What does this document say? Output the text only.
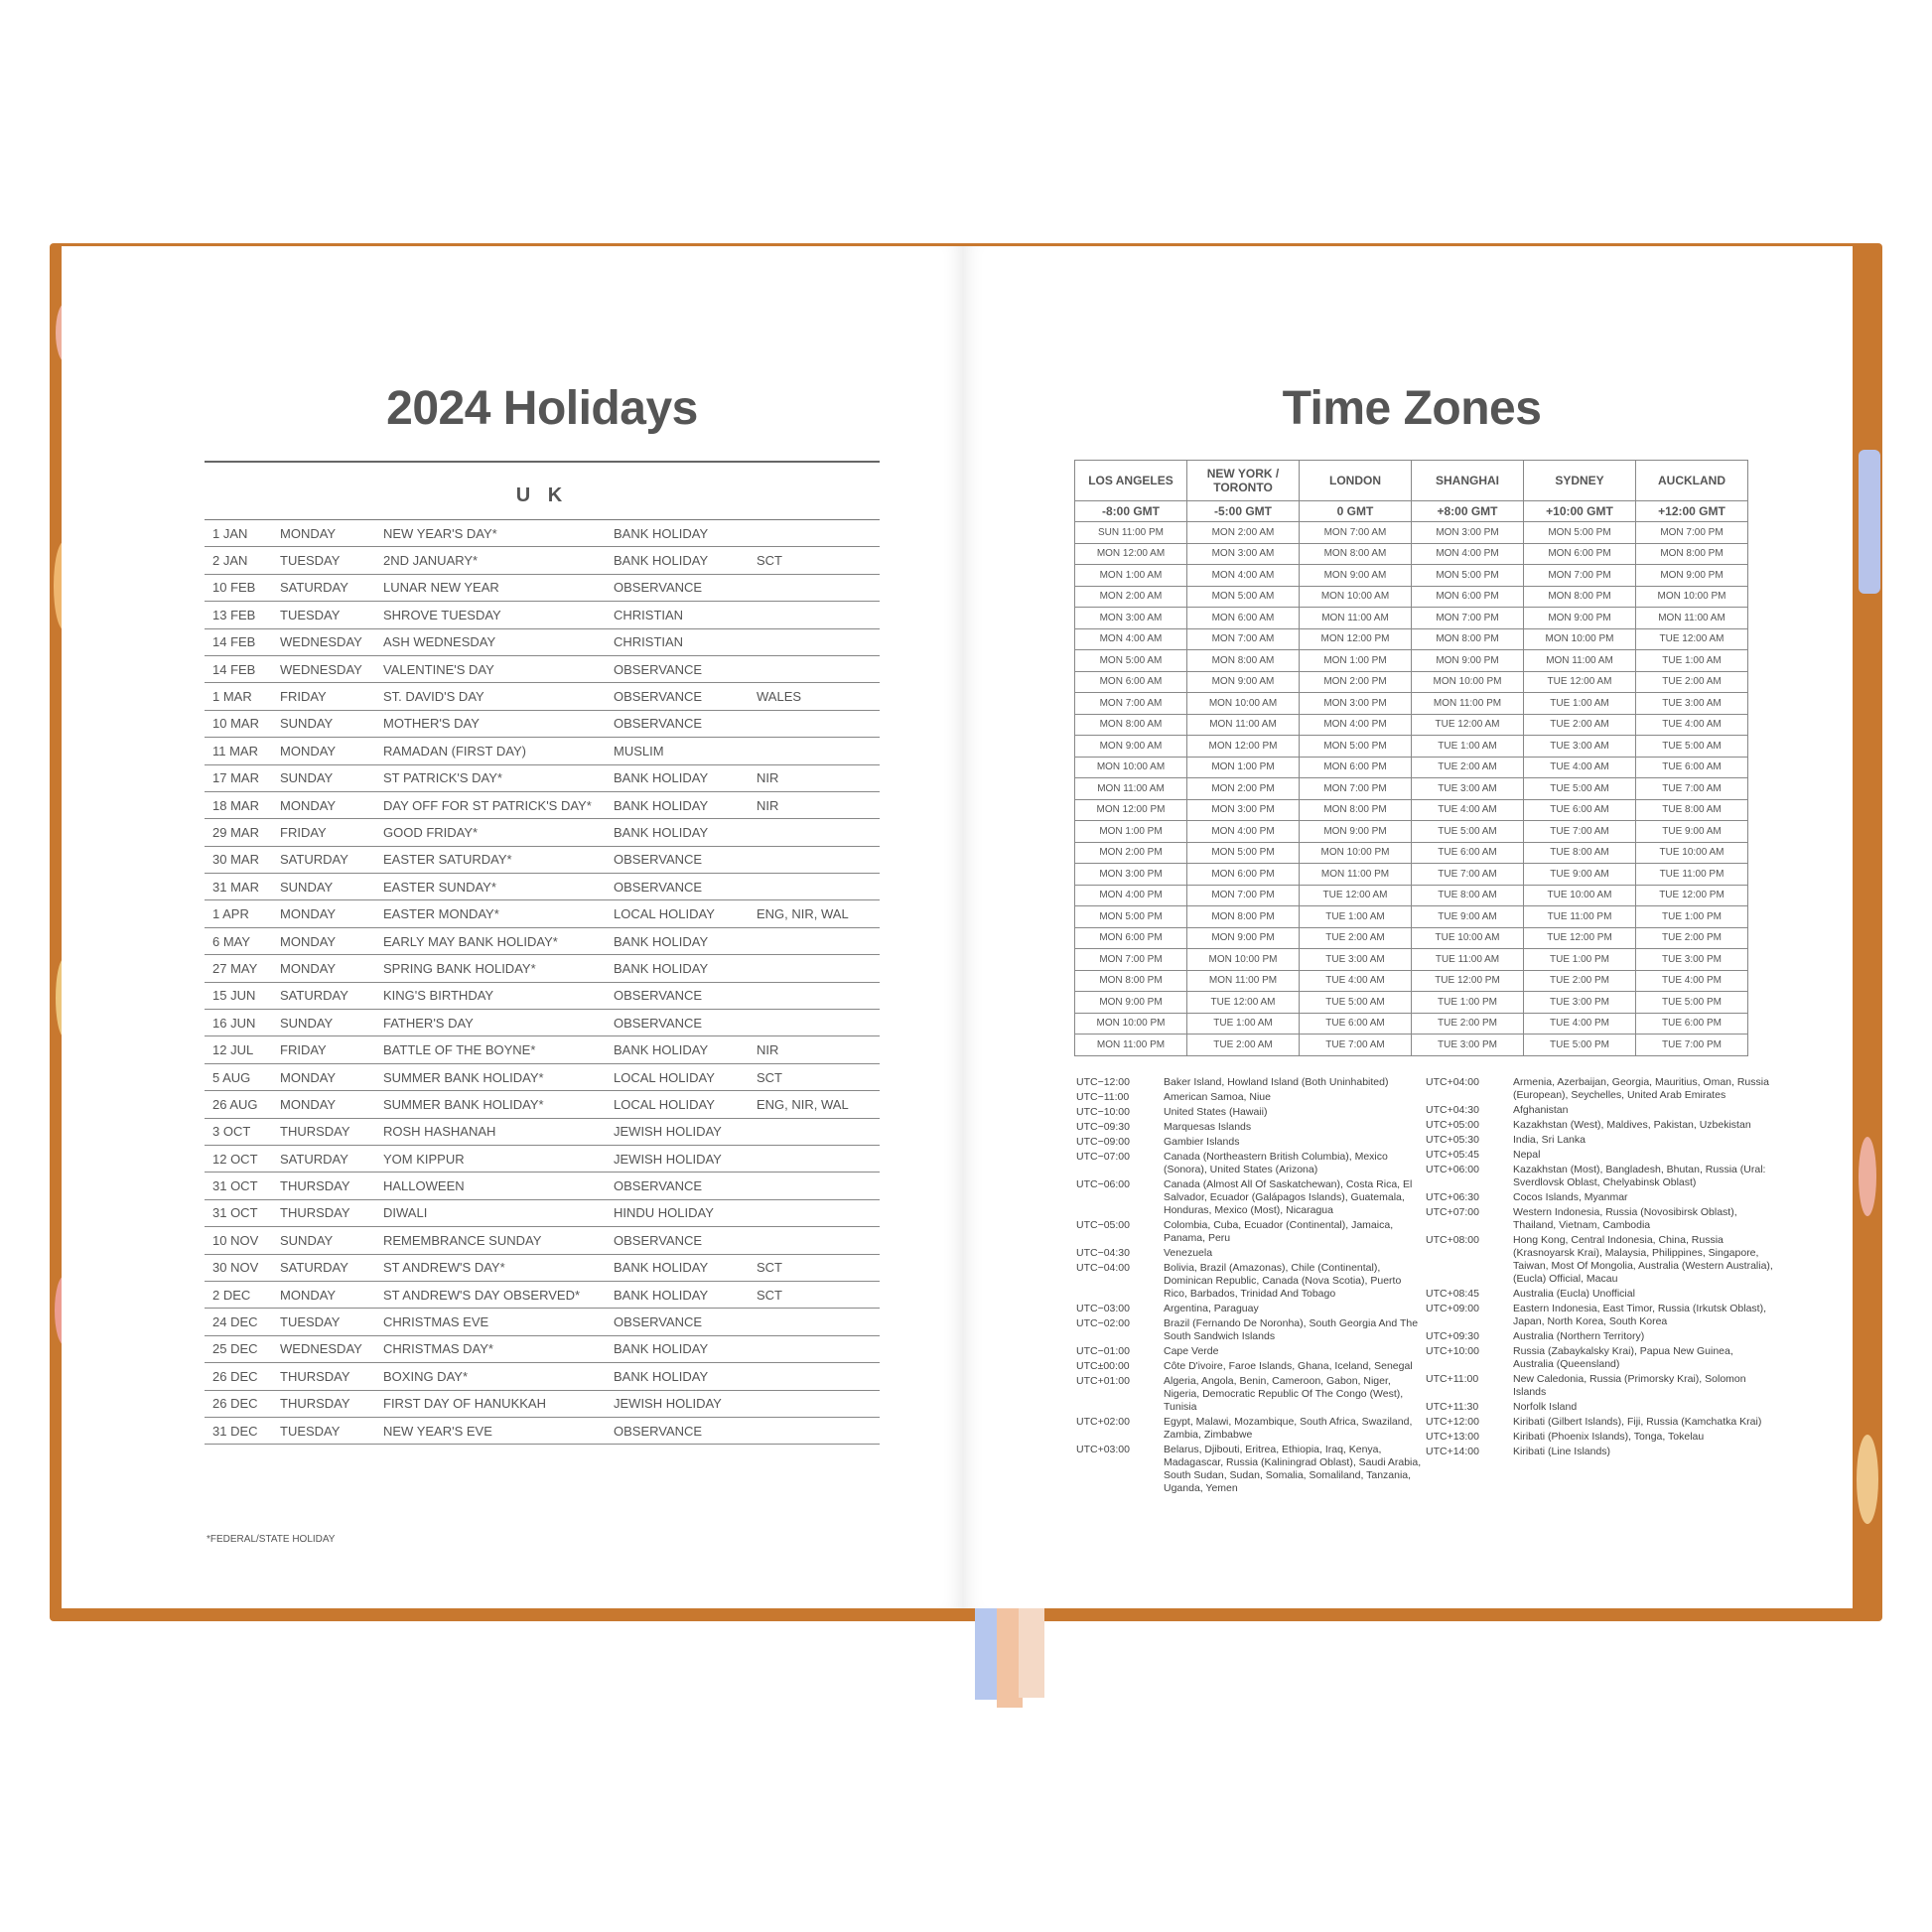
2024 Holidays
U K
1 JAN	MONDAY	NEW YEAR'S DAY*	BANK HOLIDAY
2 JAN	TUESDAY	2ND JANUARY*	BANK HOLIDAY	SCT
10 FEB	SATURDAY	LUNAR NEW YEAR	OBSERVANCE
13 FEB	TUESDAY	SHROVE TUESDAY	CHRISTIAN
14 FEB	WEDNESDAY	ASH WEDNESDAY	CHRISTIAN
14 FEB	WEDNESDAY	VALENTINE'S DAY	OBSERVANCE
1 MAR	FRIDAY	ST. DAVID'S DAY	OBSERVANCE	WALES
10 MAR	SUNDAY	MOTHER'S DAY	OBSERVANCE
11 MAR	MONDAY	RAMADAN (FIRST DAY)	MUSLIM
17 MAR	SUNDAY	ST PATRICK'S DAY*	BANK HOLIDAY	NIR
18 MAR	MONDAY	DAY OFF FOR ST PATRICK'S DAY*	BANK HOLIDAY	NIR
29 MAR	FRIDAY	GOOD FRIDAY*	BANK HOLIDAY
30 MAR	SATURDAY	EASTER SATURDAY*	OBSERVANCE
31 MAR	SUNDAY	EASTER SUNDAY*	OBSERVANCE
1 APR	MONDAY	EASTER MONDAY*	LOCAL HOLIDAY	ENG, NIR, WAL
6 MAY	MONDAY	EARLY MAY BANK HOLIDAY*	BANK HOLIDAY
27 MAY	MONDAY	SPRING BANK HOLIDAY*	BANK HOLIDAY
15 JUN	SATURDAY	KING'S BIRTHDAY	OBSERVANCE
16 JUN	SUNDAY	FATHER'S DAY	OBSERVANCE
12 JUL	FRIDAY	BATTLE OF THE BOYNE*	BANK HOLIDAY	NIR
5 AUG	MONDAY	SUMMER BANK HOLIDAY*	LOCAL HOLIDAY	SCT
26 AUG	MONDAY	SUMMER BANK HOLIDAY*	LOCAL HOLIDAY	ENG, NIR, WAL
3 OCT	THURSDAY	ROSH HASHANAH	JEWISH HOLIDAY
12 OCT	SATURDAY	YOM KIPPUR	JEWISH HOLIDAY
31 OCT	THURSDAY	HALLOWEEN	OBSERVANCE
31 OCT	THURSDAY	DIWALI	HINDU HOLIDAY
10 NOV	SUNDAY	REMEMBRANCE SUNDAY	OBSERVANCE
30 NOV	SATURDAY	ST ANDREW'S DAY*	BANK HOLIDAY	SCT
2 DEC	MONDAY	ST ANDREW'S DAY OBSERVED*	BANK HOLIDAY	SCT
24 DEC	TUESDAY	CHRISTMAS EVE	OBSERVANCE
25 DEC	WEDNESDAY	CHRISTMAS DAY*	BANK HOLIDAY
26 DEC	THURSDAY	BOXING DAY*	BANK HOLIDAY
26 DEC	THURSDAY	FIRST DAY OF HANUKKAH	JEWISH HOLIDAY
31 DEC	TUESDAY	NEW YEAR'S EVE	OBSERVANCE
*FEDERAL/STATE HOLIDAY
Time Zones
LOS ANGELES	NEW YORK / TORONTO	LONDON	SHANGHAI	SYDNEY	AUCKLAND
-8:00 GMT	-5:00 GMT	0 GMT	+8:00 GMT	+10:00 GMT	+12:00 GMT
SUN 11:00 PM	MON 2:00 AM	MON 7:00 AM	MON 3:00 PM	MON 5:00 PM	MON 7:00 PM
MON 12:00 AM	MON 3:00 AM	MON 8:00 AM	MON 4:00 PM	MON 6:00 PM	MON 8:00 PM
MON 1:00 AM	MON 4:00 AM	MON 9:00 AM	MON 5:00 PM	MON 7:00 PM	MON 9:00 PM
MON 2:00 AM	MON 5:00 AM	MON 10:00 AM	MON 6:00 PM	MON 8:00 PM	MON 10:00 PM
MON 3:00 AM	MON 6:00 AM	MON 11:00 AM	MON 7:00 PM	MON 9:00 PM	MON 11:00 AM
MON 4:00 AM	MON 7:00 AM	MON 12:00 PM	MON 8:00 PM	MON 10:00 PM	TUE 12:00 AM
MON 5:00 AM	MON 8:00 AM	MON 1:00 PM	MON 9:00 PM	MON 11:00 AM	TUE 1:00 AM
MON 6:00 AM	MON 9:00 AM	MON 2:00 PM	MON 10:00 PM	TUE 12:00 AM	TUE 2:00 AM
MON 7:00 AM	MON 10:00 AM	MON 3:00 PM	MON 11:00 PM	TUE 1:00 AM	TUE 3:00 AM
MON 8:00 AM	MON 11:00 AM	MON 4:00 PM	TUE 12:00 AM	TUE 2:00 AM	TUE 4:00 AM
MON 9:00 AM	MON 12:00 PM	MON 5:00 PM	TUE 1:00 AM	TUE 3:00 AM	TUE 5:00 AM
MON 10:00 AM	MON 1:00 PM	MON 6:00 PM	TUE 2:00 AM	TUE 4:00 AM	TUE 6:00 AM
MON 11:00 AM	MON 2:00 PM	MON 7:00 PM	TUE 3:00 AM	TUE 5:00 AM	TUE 7:00 AM
MON 12:00 PM	MON 3:00 PM	MON 8:00 PM	TUE 4:00 AM	TUE 6:00 AM	TUE 8:00 AM
MON 1:00 PM	MON 4:00 PM	MON 9:00 PM	TUE 5:00 AM	TUE 7:00 AM	TUE 9:00 AM
MON 2:00 PM	MON 5:00 PM	MON 10:00 PM	TUE 6:00 AM	TUE 8:00 AM	TUE 10:00 AM
MON 3:00 PM	MON 6:00 PM	MON 11:00 PM	TUE 7:00 AM	TUE 9:00 AM	TUE 11:00 PM
MON 4:00 PM	MON 7:00 PM	TUE 12:00 AM	TUE 8:00 AM	TUE 10:00 AM	TUE 12:00 PM
MON 5:00 PM	MON 8:00 PM	TUE 1:00 AM	TUE 9:00 AM	TUE 11:00 PM	TUE 1:00 PM
MON 6:00 PM	MON 9:00 PM	TUE 2:00 AM	TUE 10:00 AM	TUE 12:00 PM	TUE 2:00 PM
MON 7:00 PM	MON 10:00 PM	TUE 3:00 AM	TUE 11:00 AM	TUE 1:00 PM	TUE 3:00 PM
MON 8:00 PM	MON 11:00 PM	TUE 4:00 AM	TUE 12:00 PM	TUE 2:00 PM	TUE 4:00 PM
MON 9:00 PM	TUE 12:00 AM	TUE 5:00 AM	TUE 1:00 PM	TUE 3:00 PM	TUE 5:00 PM
MON 10:00 PM	TUE 1:00 AM	TUE 6:00 AM	TUE 2:00 PM	TUE 4:00 PM	TUE 6:00 PM
MON 11:00 PM	TUE 2:00 AM	TUE 7:00 AM	TUE 3:00 PM	TUE 5:00 PM	TUE 7:00 PM
UTC−12:00	Baker Island, Howland Island (Both Uninhabited)
UTC−11:00	American Samoa, Niue
UTC−10:00	United States (Hawaii)
UTC−09:30	Marquesas Islands
UTC−09:00	Gambier Islands
UTC−07:00	Canada (Northeastern British Columbia), Mexico (Sonora), United States (Arizona)
UTC−06:00	Canada (Almost All Of Saskatchewan), Costa Rica, El Salvador, Ecuador (Galápagos Islands), Guatemala, Honduras, Mexico (Most), Nicaragua
UTC−05:00	Colombia, Cuba, Ecuador (Continental), Jamaica, Panama, Peru
UTC−04:30	Venezuela
UTC−04:00	Bolivia, Brazil (Amazonas), Chile (Continental), Dominican Republic, Canada (Nova Scotia), Puerto Rico, Barbados, Trinidad And Tobago
UTC−03:00	Argentina, Paraguay
UTC−02:00	Brazil (Fernando De Noronha), South Georgia And The South Sandwich Islands
UTC−01:00	Cape Verde
UTC±00:00	Côte D'ivoire, Faroe Islands, Ghana, Iceland, Senegal
UTC+01:00	Algeria, Angola, Benin, Cameroon, Gabon, Niger, Nigeria, Democratic Republic Of The Congo (West), Tunisia
UTC+02:00	Egypt, Malawi, Mozambique, South Africa, Swaziland, Zambia, Zimbabwe
UTC+03:00	Belarus, Djibouti, Eritrea, Ethiopia, Iraq, Kenya, Madagascar, Russia (Kaliningrad Oblast), Saudi Arabia, South Sudan, Sudan, Somalia, Somaliland, Tanzania, Uganda, Yemen
UTC+04:00	Armenia, Azerbaijan, Georgia, Mauritius, Oman, Russia (European), Seychelles, United Arab Emirates
UTC+04:30	Afghanistan
UTC+05:00	Kazakhstan (West), Maldives, Pakistan, Uzbekistan
UTC+05:30	India, Sri Lanka
UTC+05:45	Nepal
UTC+06:00	Kazakhstan (Most), Bangladesh, Bhutan, Russia (Ural: Sverdlovsk Oblast, Chelyabinsk Oblast)
UTC+06:30	Cocos Islands, Myanmar
UTC+07:00	Western Indonesia, Russia (Novosibirsk Oblast), Thailand, Vietnam, Cambodia
UTC+08:00	Hong Kong, Central Indonesia, China, Russia (Krasnoyarsk Krai), Malaysia, Philippines, Singapore, Taiwan, Most Of Mongolia, Australia (Western Australia), (Eucla) Official, Macau
UTC+08:45	Australia (Eucla) Unofficial
UTC+09:00	Eastern Indonesia, East Timor, Russia (Irkutsk Oblast), Japan, North Korea, South Korea
UTC+09:30	Australia (Northern Territory)
UTC+10:00	Russia (Zabaykalsky Krai), Papua New Guinea, Australia (Queensland)
UTC+11:00	New Caledonia, Russia (Primorsky Krai), Solomon Islands
UTC+11:30	Norfolk Island
UTC+12:00	Kiribati (Gilbert Islands), Fiji, Russia (Kamchatka Krai)
UTC+13:00	Kiribati (Phoenix Islands), Tonga, Tokelau
UTC+14:00	Kiribati (Line Islands)
